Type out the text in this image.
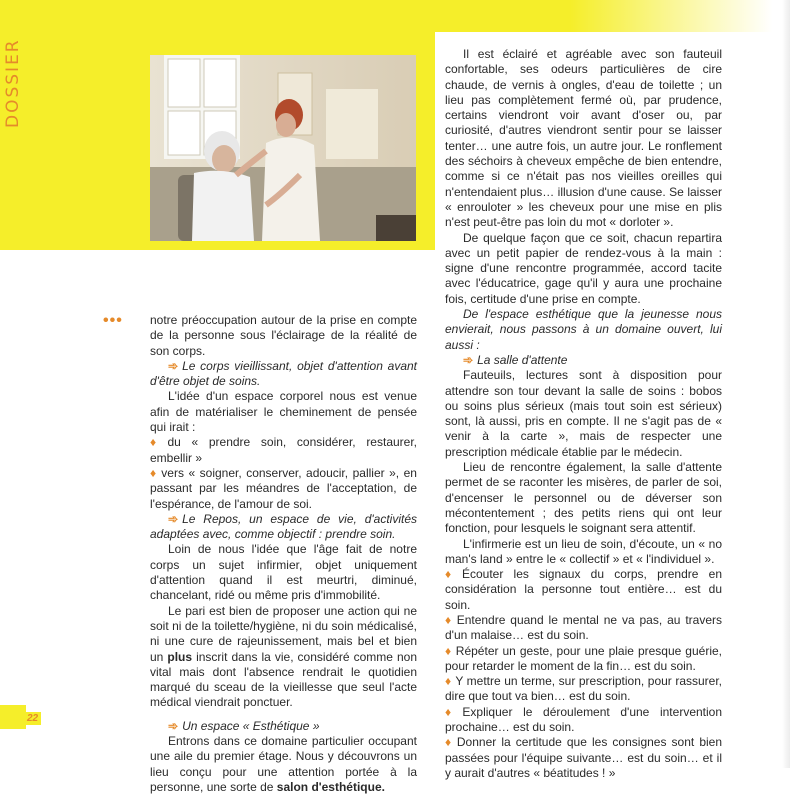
DOSSIER
••• notre préoccupation autour de la prise en compte de la personne sous l'éclairage de la réalité de son corps.

➾ Le corps vieillissant, objet d'attention avant d'être objet de soins.

L'idée d'un espace corporel nous est venue afin de matérialiser le cheminement de pensée qui irait :

♦ du « prendre soin, considérer, restaurer, embellir »

♦ vers « soigner, conserver, adoucir, pallier », en passant par les méandres de l'acceptation, de l'espérance, de l'amour de soi.

➾ Le Repos, un espace de vie, d'activités adaptées avec, comme objectif : prendre soin.

Loin de nous l'idée que l'âge fait de notre corps un sujet infirmier, objet uniquement d'attention quand il est meurtri, diminué, chancelant, ridé ou même pris d'immobilité.

Le pari est bien de proposer une action qui ne soit ni de la toilette/hygiène, ni du soin médicalisé, ni une cure de rajeunissement, mais bel et bien un plus inscrit dans la vie, considéré comme non vital mais dont l'absence rendrait le quotidien marqué du sceau de la vieillesse que seul l'acte médical viendrait ponctuer.

➾ Un espace « Esthétique »

Entrons dans ce domaine particulier occupant une aile du premier étage. Nous y découvrons un lieu conçu pour une attention portée à la personne, une sorte de salon d'esthétique.

Il est éclairé et agréable avec son fauteuil confortable, ses odeurs particulières de cire chaude, de vernis à ongles, d'eau de toilette ; un lieu pas complètement fermé où, par prudence, certains viendront voir avant d'oser ou, par curiosité, d'autres viendront sentir pour se laisser tenter… une autre fois, un autre jour. Le ronflement des séchoirs à cheveux empêche de bien entendre, comme si ce n'était pas nos vieilles oreilles qui n'entendaient plus… illusion d'une cause. Se laisser « enrouloter » les cheveux pour une mise en plis n'est peut-être pas loin du mot « dorloter ».

De quelque façon que ce soit, chacun repartira avec un petit papier de rendez-vous à la main : signe d'une rencontre programmée, accord tacite avec l'éducatrice, gage qu'il y aura une prochaine fois, certitude d'une prise en compte.

De l'espace esthétique que la jeunesse nous envierait, nous passons à un domaine ouvert, lui aussi :

➾ La salle d'attente

Fauteuils, lectures sont à disposition pour attendre son tour devant la salle de soins : bobos ou soins plus sérieux (mais tout soin est sérieux) sont, là aussi, pris en compte. Il ne s'agit pas de « venir à la carte », mais de respecter une prescription médicale établie par le médecin.

Lieu de rencontre également, la salle d'attente permet de se raconter les misères, de parler de soi, d'encenser le personnel ou de déverser son mécontentement ; des petits riens qui ont leur fonction, pour lesquels le soignant sera attentif.

L'infirmerie est un lieu de soin, d'écoute, un « no man's land » entre le « collectif » et « l'individuel ».

♦ Écouter les signaux du corps, prendre en considération la personne tout entière… est du soin.

♦ Entendre quand le mental ne va pas, au travers d'un malaise… est du soin.

♦ Répéter un geste, pour une plaie presque guérie, pour retarder le moment de la fin… est du soin.

♦ Y mettre un terme, sur prescription, pour rassurer, dire que tout va bien… est du soin.

♦ Expliquer le déroulement d'une intervention prochaine… est du soin.

♦ Donner la certitude que les consignes sont bien passées pour l'équipe suivante… est du soin… et il y aurait d'autres « béatitudes ! »

22
